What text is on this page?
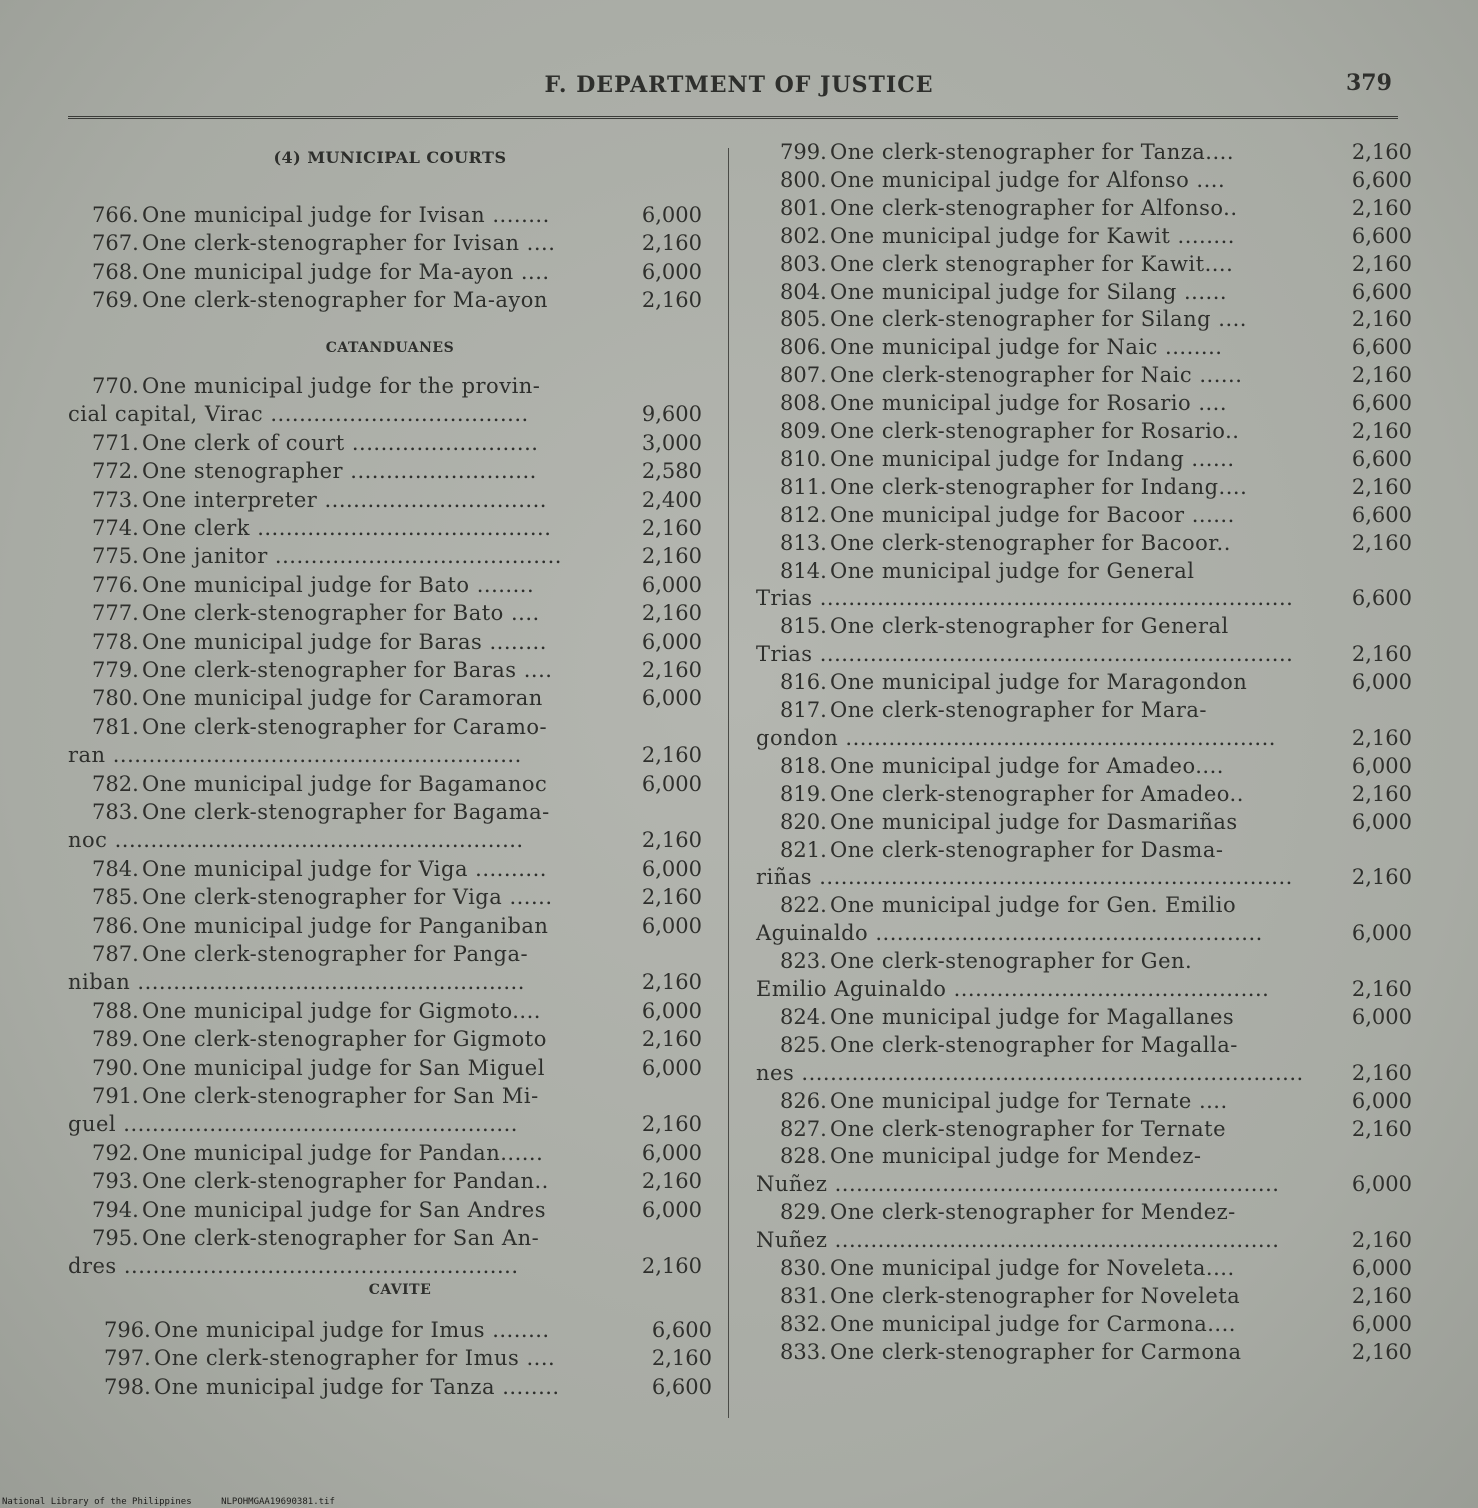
F. DEPARTMENT OF JUSTICE	379
(4) MUNICIPAL COURTS
766. One municipal judge for Ivisan ........	6,000
767. One clerk-stenographer for Ivisan ....	2,160
768. One municipal judge for Ma-ayon ....	6,000
769. One clerk-stenographer for Ma-ayon	2,160
CATANDUANES
770. One municipal judge for the provin-
cial capital, Virac ....................................	9,600
771. One clerk of court ..........................	3,000
772. One stenographer ..........................	2,580
773. One interpreter ...............................	2,400
774. One clerk .........................................	2,160
775. One janitor ........................................	2,160
776. One municipal judge for Bato ........	6,000
777. One clerk-stenographer for Bato ....	2,160
778. One municipal judge for Baras ........	6,000
779. One clerk-stenographer for Baras ....	2,160
780. One municipal judge for Caramoran	6,000
781. One clerk-stenographer for Caramo-
ran .........................................................	2,160
782. One municipal judge for Bagamanoc	6,000
783. One clerk-stenographer for Bagama-
noc .........................................................	2,160
784. One municipal judge for Viga ..........	6,000
785. One clerk-stenographer for Viga ......	2,160
786. One municipal judge for Panganiban	6,000
787. One clerk-stenographer for Panga-
niban ......................................................	2,160
788. One municipal judge for Gigmoto....	6,000
789. One clerk-stenographer for Gigmoto	2,160
790. One municipal judge for San Miguel	6,000
791. One clerk-stenographer for San Mi-
guel .......................................................	2,160
792. One municipal judge for Pandan......	6,000
793. One clerk-stenographer for Pandan..	2,160
794. One municipal judge for San Andres	6,000
795. One clerk-stenographer for San An-
dres .......................................................	2,160
CAVITE
796. One municipal judge for Imus ........	6,600
797. One clerk-stenographer for Imus ....	2,160
798. One municipal judge for Tanza ........	6,600
799. One clerk-stenographer for Tanza....	2,160
800. One municipal judge for Alfonso ....	6,600
801. One clerk-stenographer for Alfonso..	2,160
802. One municipal judge for Kawit ........	6,600
803. One clerk stenographer for Kawit....	2,160
804. One municipal judge for Silang ......	6,600
805. One clerk-stenographer for Silang ....	2,160
806. One municipal judge for Naic ........	6,600
807. One clerk-stenographer for Naic ......	2,160
808. One municipal judge for Rosario ....	6,600
809. One clerk-stenographer for Rosario..	2,160
810. One municipal judge for Indang ......	6,600
811. One clerk-stenographer for Indang....	2,160
812. One municipal judge for Bacoor ......	6,600
813. One clerk-stenographer for Bacoor..	2,160
814. One municipal judge for General
Trias ..................................................................	6,600
815. One clerk-stenographer for General
Trias ..................................................................	2,160
816. One municipal judge for Maragondon	6,000
817. One clerk-stenographer for Mara-
gondon ............................................................	2,160
818. One municipal judge for Amadeo....	6,000
819. One clerk-stenographer for Amadeo..	2,160
820. One municipal judge for Dasmariñas	6,000
821. One clerk-stenographer for Dasma-
riñas ..................................................................	2,160
822. One municipal judge for Gen. Emilio
Aguinaldo ......................................................	6,000
823. One clerk-stenographer for Gen.
Emilio Aguinaldo ............................................	2,160
824. One municipal judge for Magallanes	6,000
825. One clerk-stenographer for Magalla-
nes ......................................................................	2,160
826. One municipal judge for Ternate ....	6,000
827. One clerk-stenographer for Ternate	2,160
828. One municipal judge for Mendez-
Nuñez ..............................................................	6,000
829. One clerk-stenographer for Mendez-
Nuñez ..............................................................	2,160
830. One municipal judge for Noveleta....	6,000
831. One clerk-stenographer for Noveleta	2,160
832. One municipal judge for Carmona....	6,000
833. One clerk-stenographer for Carmona	2,160
National Library of the Philippines	NLPOHMGAA19690381.tif
